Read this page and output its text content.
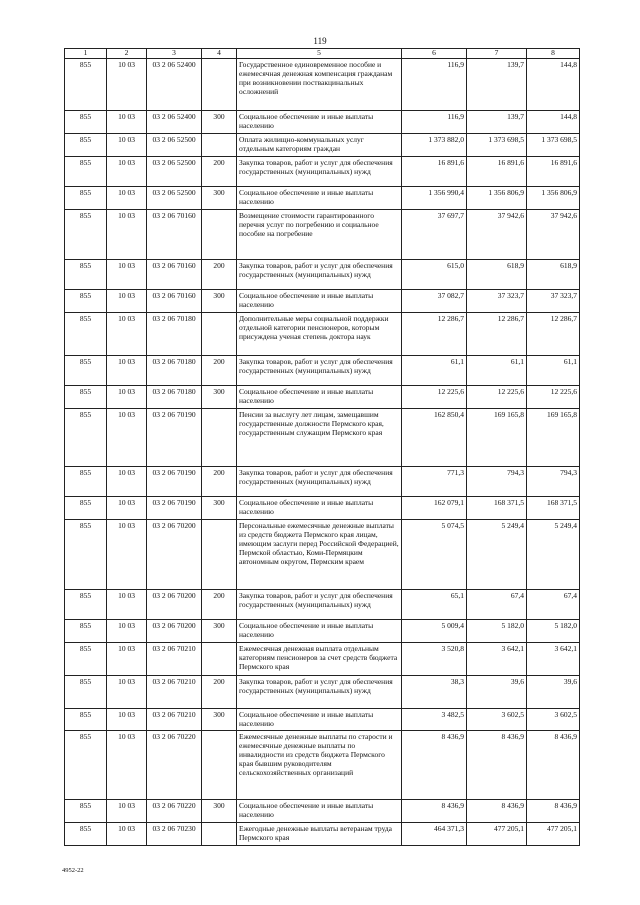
119
1	2	3	4	5	6	7	8
855	10 03	03 2 06 52400		Государственное единовременное пособие и ежемесячная денежная компенсация гражданам при возникновении поствакцинальных осложнений	116,9	139,7	144,8
855	10 03	03 2 06 52400	300	Социальное обеспечение и иные выплаты населению	116,9	139,7	144,8
855	10 03	03 2 06 52500		Оплата жилищно-коммунальных услуг отдельным категориям граждан	1 373 882,0	1 373 698,5	1 373 698,5
855	10 03	03 2 06 52500	200	Закупка товаров, работ и услуг для обеспечения государственных (муниципальных) нужд	16 891,6	16 891,6	16 891,6
855	10 03	03 2 06 52500	300	Социальное обеспечение и иные выплаты населению	1 356 990,4	1 356 806,9	1 356 806,9
855	10 03	03 2 06 70160		Возмещение стоимости гарантированного перечня услуг по погребению и социальное пособие на погребение	37 697,7	37 942,6	37 942,6
855	10 03	03 2 06 70160	200	Закупка товаров, работ и услуг для обеспечения государственных (муниципальных) нужд	615,0	618,9	618,9
855	10 03	03 2 06 70160	300	Социальное обеспечение и иные выплаты населению	37 082,7	37 323,7	37 323,7
855	10 03	03 2 06 70180		Дополнительные меры социальной поддержки отдельной категории пенсионеров, которым присуждена ученая степень доктора наук	12 286,7	12 286,7	12 286,7
855	10 03	03 2 06 70180	200	Закупка товаров, работ и услуг для обеспечения государственных (муниципальных) нужд	61,1	61,1	61,1
855	10 03	03 2 06 70180	300	Социальное обеспечение и иные выплаты населению	12 225,6	12 225,6	12 225,6
855	10 03	03 2 06 70190		Пенсии за выслугу лет лицам, замещавшим государственные должности Пермского края, государственным служащим Пермского края	162 850,4	169 165,8	169 165,8
855	10 03	03 2 06 70190	200	Закупка товаров, работ и услуг для обеспечения государственных (муниципальных) нужд	771,3	794,3	794,3
855	10 03	03 2 06 70190	300	Социальное обеспечение и иные выплаты населению	162 079,1	168 371,5	168 371,5
855	10 03	03 2 06 70200		Персональные ежемесячные денежные выплаты из средств бюджета Пермского края лицам, имеющим заслуги перед Российской Федерацией, Пермской областью, Коми-Пермяцким автономным округом, Пермским краем	5 074,5	5 249,4	5 249,4
855	10 03	03 2 06 70200	200	Закупка товаров, работ и услуг для обеспечения государственных (муниципальных) нужд	65,1	67,4	67,4
855	10 03	03 2 06 70200	300	Социальное обеспечение и иные выплаты населению	5 009,4	5 182,0	5 182,0
855	10 03	03 2 06 70210		Ежемесячная денежная выплата отдельным категориям пенсионеров за счет средств бюджета Пермского края	3 520,8	3 642,1	3 642,1
855	10 03	03 2 06 70210	200	Закупка товаров, работ и услуг для обеспечения государственных (муниципальных) нужд	38,3	39,6	39,6
855	10 03	03 2 06 70210	300	Социальное обеспечение и иные выплаты населению	3 482,5	3 602,5	3 602,5
855	10 03	03 2 06 70220		Ежемесячные денежные выплаты по старости и ежемесячные денежные выплаты по инвалидности из средств бюджета Пермского края бывшим руководителям сельскохозяйственных организаций	8 436,9	8 436,9	8 436,9
855	10 03	03 2 06 70220	300	Социальное обеспечение и иные выплаты населению	8 436,9	8 436,9	8 436,9
855	10 03	03 2 06 70230		Ежегодные денежные выплаты ветеранам труда Пермского края	464 371,3	477 205,1	477 205,1
4952-22
